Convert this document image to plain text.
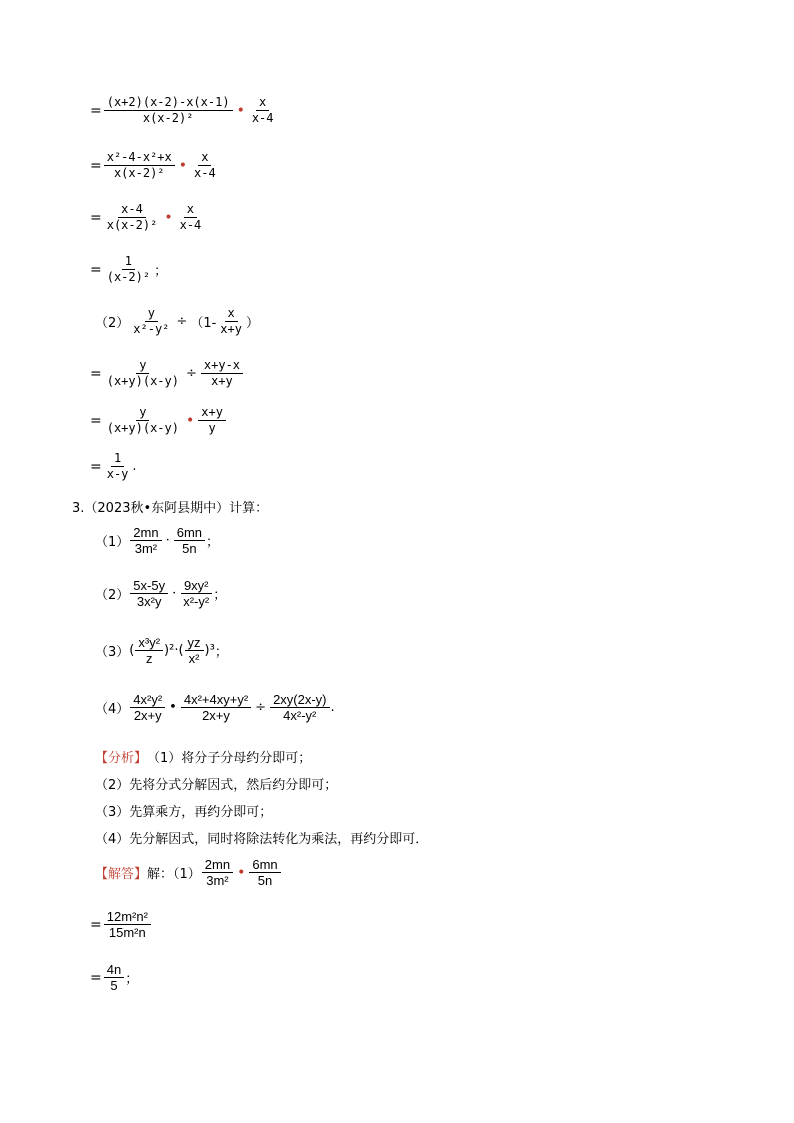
= $\frac{(x+2)(x-2)-x(x-1)}{\text{x(x-2)²}}$ • $\frac{x}{x-4}$
= $\frac{\text{x²-4-x²+x}}{\text{x(x-2)²}}$ • $\frac{x}{x-4}$
= $\frac{x-4}{\text{x(x-2)²}}$ • $\frac{x}{x-4}$
= $\frac{1}{\text{(x-2)²}}$ ；
$(2) \frac{y}{\text{x²-y²}} \div (1- \frac{x}{x+y}$ ）
= $\frac{y}{(x+y)(x-y)} \div \frac{x+y-x}{x+y}$
= $\frac{y}{(x+y)(x-y)}$ • $\frac{x+y}{y}$
= $\frac{1}{x-y}$ .
3.（2023秋•东阿县期中）计算：
$(1) \frac{2mn}{\text{3m²}} \cdot \frac{6mn}{5n}$ ；
$(2) \frac{5x-5y}{\text{3x²y}} \cdot \frac{\text{9xy²}}{\text{x²-y²}}$ ；
（3） ( $\frac{\text{x³y²}}{z} )^2\cdot( \frac{yz}{\text{x²}} )^3$ ；
$(4) \frac{\text{4x²y²}}{2x+y}$ • $\frac{\text{4x²+4xy+y²}}{2x+y} \div \frac{2xy(2x-y)}{\text{4x²-y²}}$ .
【分析】 （1）将分子分母约分即可；
（2）先将分式分解因式，然后约分即可；
（3）先算乘方，再约分即可；
（4）先分解因式，同时将除法转化为乘法，再约分即可．
【解答】 解：$(1) \frac{2mn}{\text{3m²}}$ • $\frac{6mn}{5n}$
= $\frac{\text{12m²n²}}{\text{15m²n}}$
= $\frac{4n}{5}$ ；
